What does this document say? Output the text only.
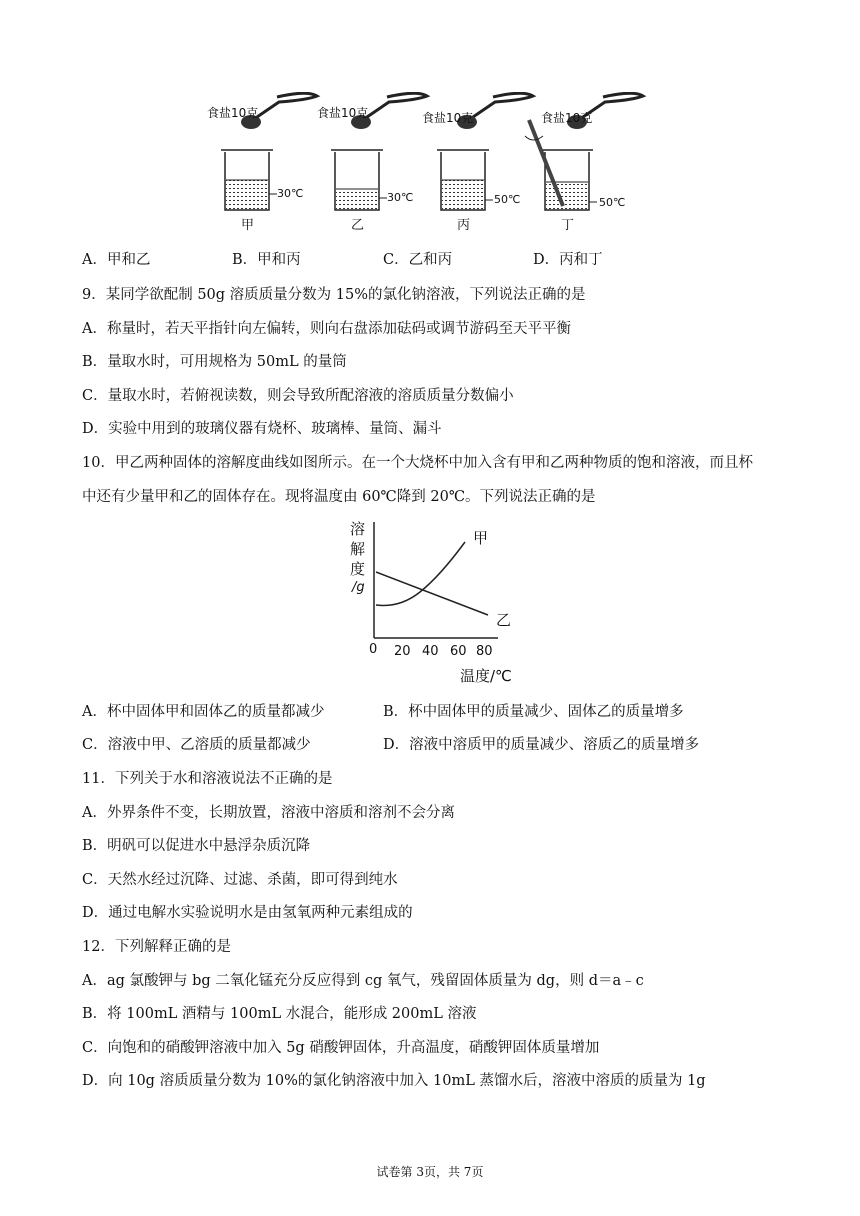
食盐10克	食盐10克	食盐10克	食盐10克
30℃	30℃	50℃	50℃
甲	乙	丙	丁
A．甲和乙	B．甲和丙	C．乙和丙	D．丙和丁
9．某同学欲配制 50g 溶质质量分数为 15%的氯化钠溶液，下列说法正确的是
A．称量时，若天平指针向左偏转，则向右盘添加砝码或调节游码至天平平衡
B．量取水时，可用规格为 50mL 的量筒
C．量取水时，若俯视读数，则会导致所配溶液的溶质质量分数偏小
D．实验中用到的玻璃仪器有烧杯、玻璃棒、量筒、漏斗
10．甲乙两种固体的溶解度曲线如图所示。在一个大烧杯中加入含有甲和乙两种物质的饱和溶液，而且杯
中还有少量甲和乙的固体存在。现将温度由 60℃降到 20℃。下列说法正确的是
溶
解
度
/g
甲
乙
0 20 40 60 80
温度/℃
A．杯中固体甲和固体乙的质量都减少	B．杯中固体甲的质量减少、固体乙的质量增多
C．溶液中甲、乙溶质的质量都减少	D．溶液中溶质甲的质量减少、溶质乙的质量增多
11．下列关于水和溶液说法不正确的是
A．外界条件不变，长期放置，溶液中溶质和溶剂不会分离
B．明矾可以促进水中悬浮杂质沉降
C．天然水经过沉降、过滤、杀菌，即可得到纯水
D．通过电解水实验说明水是由氢氧两种元素组成的
12．下列解释正确的是
A．ag 氯酸钾与 bg 二氧化锰充分反应得到 cg 氧气，残留固体质量为 dg，则 d＝a﹣c
B．将 100mL 酒精与 100mL 水混合，能形成 200mL 溶液
C．向饱和的硝酸钾溶液中加入 5g 硝酸钾固体，升高温度，硝酸钾固体质量增加
D．向 10g 溶质质量分数为 10%的氯化钠溶液中加入 10mL 蒸馏水后，溶液中溶质的质量为 1g
试卷第 3页，共 7页
